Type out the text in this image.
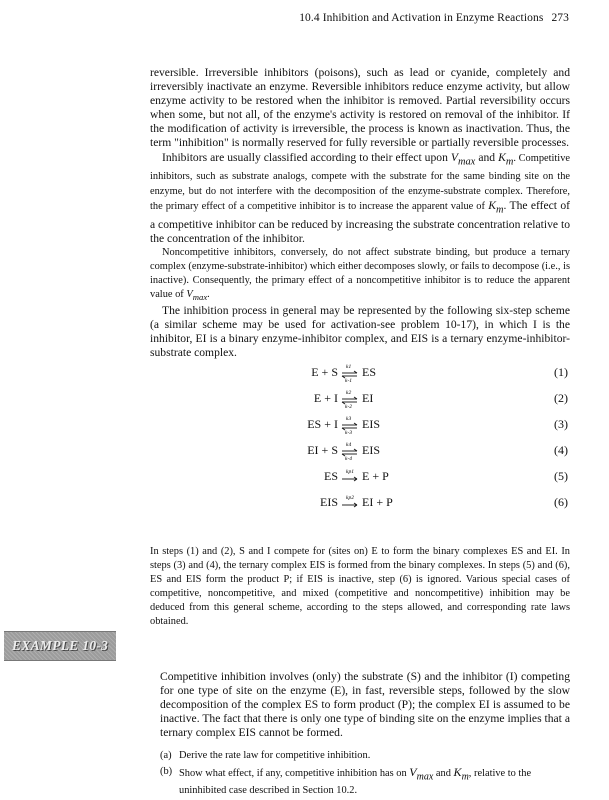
10.4 Inhibition and Activation in Enzyme Reactions 273

reversible. Irreversible inhibitors (poisons), such as lead or cyanide, completely and irreversibly inactivate an enzyme. Reversible inhibitors reduce enzyme activity, but allow enzyme activity to be restored when the inhibitor is removed. Partial reversibility occurs when some, but not all, of the enzyme's activity is restored on removal of the inhibitor. If the modification of activity is irreversible, the process is known as inactivation. Thus, the term "inhibition" is normally reserved for fully reversible or partially reversible processes.

Inhibitors are usually classified according to their effect upon $V_{max}$ and $K_m$. Competitive inhibitors, such as substrate analogs, compete with the substrate for the same binding site on the enzyme, but do not interfere with the decomposition of the enzyme-substrate complex. Therefore, the primary effect of a competitive inhibitor is to increase the apparent value of $K_m$. The effect of a competitive inhibitor can be reduced by increasing the substrate concentration relative to the concentration of the inhibitor.

Noncompetitive inhibitors, conversely, do not affect substrate binding, but produce a ternary complex (enzyme-substrate-inhibitor) which either decomposes slowly, or fails to decompose (i.e., is inactive). Consequently, the primary effect of a noncompetitive inhibitor is to reduce the apparent value of $V_{max}$.

The inhibition process in general may be represented by the following six-step scheme (a similar scheme may be used for activation-see problem 10-17), in which I is the inhibitor, EI is a binary enzyme-inhibitor complex, and EIS is a ternary enzyme-inhibitor-substrate complex.

E + S k1
k-1
ES	(1)
E + I k2
k-2
EI	(2)
ES + I k3
k-3
EIS	(3)
EI + S k4
k-4
EIS	(4)
ES kp1 E + P	(5)
EIS kp2 EI + P	(6)

In steps (1) and (2), S and I compete for (sites on) E to form the binary complexes ES and EI. In steps (3) and (4), the ternary complex EIS is formed from the binary complexes. In steps (5) and (6), ES and EIS form the product P; if EIS is inactive, step (6) is ignored. Various special cases of competitive, noncompetitive, and mixed (competitive and noncompetitive) inhibition may be deduced from this general scheme, according to the steps allowed, and corresponding rate laws obtained.

EXAMPLE 10-3

Competitive inhibition involves (only) the substrate (S) and the inhibitor (I) competing for one type of site on the enzyme (E), in fast, reversible steps, followed by the slow decomposition of the complex ES to form product (P); the complex EI is assumed to be inactive. The fact that there is only one type of binding site on the enzyme implies that a ternary complex EIS cannot be formed.

(a) Derive the rate law for competitive inhibition.
(b) Show what effect, if any, competitive inhibition has on $V_{max}$ and $K_m$, relative to the uninhibited case described in Section 10.2.
